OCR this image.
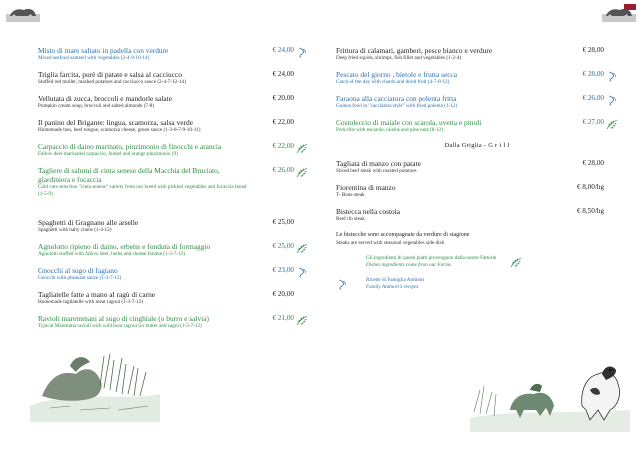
Misto di mare saltato in padella con verdure
Mixed seafood sauteed with vegetables (2-4-9-10-14)
€ 24,00
Triglia farcita, purè di patate e salsa al cacciucco
Stuffed red mullet, mashed potatoes and cacciucco sauce (2-4-7-12-14)
€ 24,00
Vellutata di zucca, broccoli e mandorle salate
Pumpkin cream soup, broccoli and salted almonds (7-8)
€ 20,00
Il panino del Brigante: lingua, scamorza, salsa verde
Homemade bun, beef tongue, scamorza cheese, green sauce (1-3-6-7-9-10-11)
€ 22,00
Carpaccio di daino marinato, pinzimonio di finocchi e arancia
Fallow deer marinated carpaccio, fennel and orange pinzimonio (9)
€ 22,00
Tagliere di salumi di cinta senese della Macchia del Bruciato, giardiniera e focaccia
Cold cuts selection "cinta senese" variety from our breed with pickled vegetables and focaccia bread (1-5-9)
€ 26,00
Spaghetti di Gragnano alle arselle
Spaghetti with baby clams (1-4-12)
€ 25,00
Agnolotto ripieno di daino, erbette e fonduta di formaggio
Agnolotti stuffed with fallow deer, herbs and cheese fondue (1-3-7-12)
€ 25,00
Gnocchi al sugo di fagiano
Gnocchi with pheasant sauce (1-3-7-12)
€ 23,00
Tagliatelle fatte a mano al ragù di carne
Homemade tagliatelle with meat ragout (1-3-7-12)
€ 20,00
Ravioli maremmani al sugo di cinghiale (o burro e salvia)
Typical Maremma ravioli with wild boar ragout (or butter and sage) (1-3-7-12)
€ 21,00
Frittura di calamari, gamberi, pesce bianco e verdure
Deep fried squids, shrimps, fish fillet and vegetables (1-2-4)
€ 28,00
Pescato del giorno , bietole e frutta secca
Catch of the day with chards and dried fruit (4-7-8-12)
€ 28,00
Faraona alla cacciatora con polenta fritta
Guinea fowl in "cacciatora style" with fried polenta (1-12)
€ 26,00
Costoleccio di maiale con scarola, uvetta e pinoli
Pork ribs with escarole, raisins and pine nuts (8-12)
€ 27,00
Dalla Griglia - G r i l l
Tagliata di manzo con patate
Sliced beef steak with roasted potatoes
€ 28,00
Fiorentina di manzo
T- Bone steak
€ 8,00/hg
Bistecca nella costola
Beef rib steak
€ 8,50/hg
Le bistecche sono accompagnate da verdure di stagione
Steaks are served with seasonal vegetables side dish
Gli ingredienti di questi piatti provengono dalla nostre Fattorie
Dishes ingredients come from our Farms
Ricette di Famiglia Antinori
Family Antinori's recipes
